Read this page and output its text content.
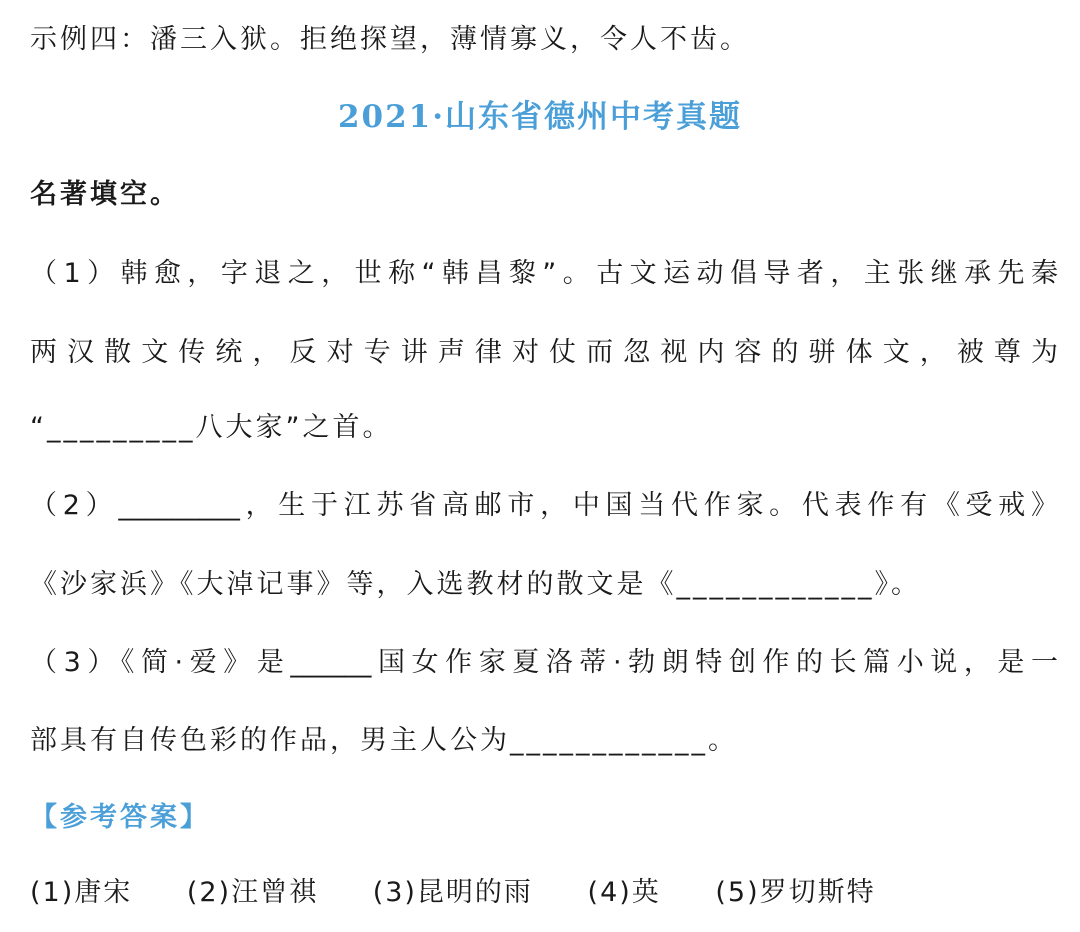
示例四：潘三入狱。拒绝探望，薄情寡义，令人不齿。
2021·山东省德州中考真题
名著填空。
（1）韩愈，字退之，世称“韩昌黎”。古文运动倡导者，主张继承先秦
两汉散文传统，反对专讲声律对仗而忽视内容的骈体文，被尊为
“_________八大家”之首。
（2）_________，生于江苏省高邮市，中国当代作家。代表作有《受戒》
《沙家浜》《大淖记事》等，入选教材的散文是《____________》。
（3）《简·爱》是______国女作家夏洛蒂·勃朗特创作的长篇小说，是一
部具有自传色彩的作品，男主人公为____________。
【参考答案】
(1)唐宋 (2)汪曾祺 (3)昆明的雨 (4)英 (5)罗切斯特
